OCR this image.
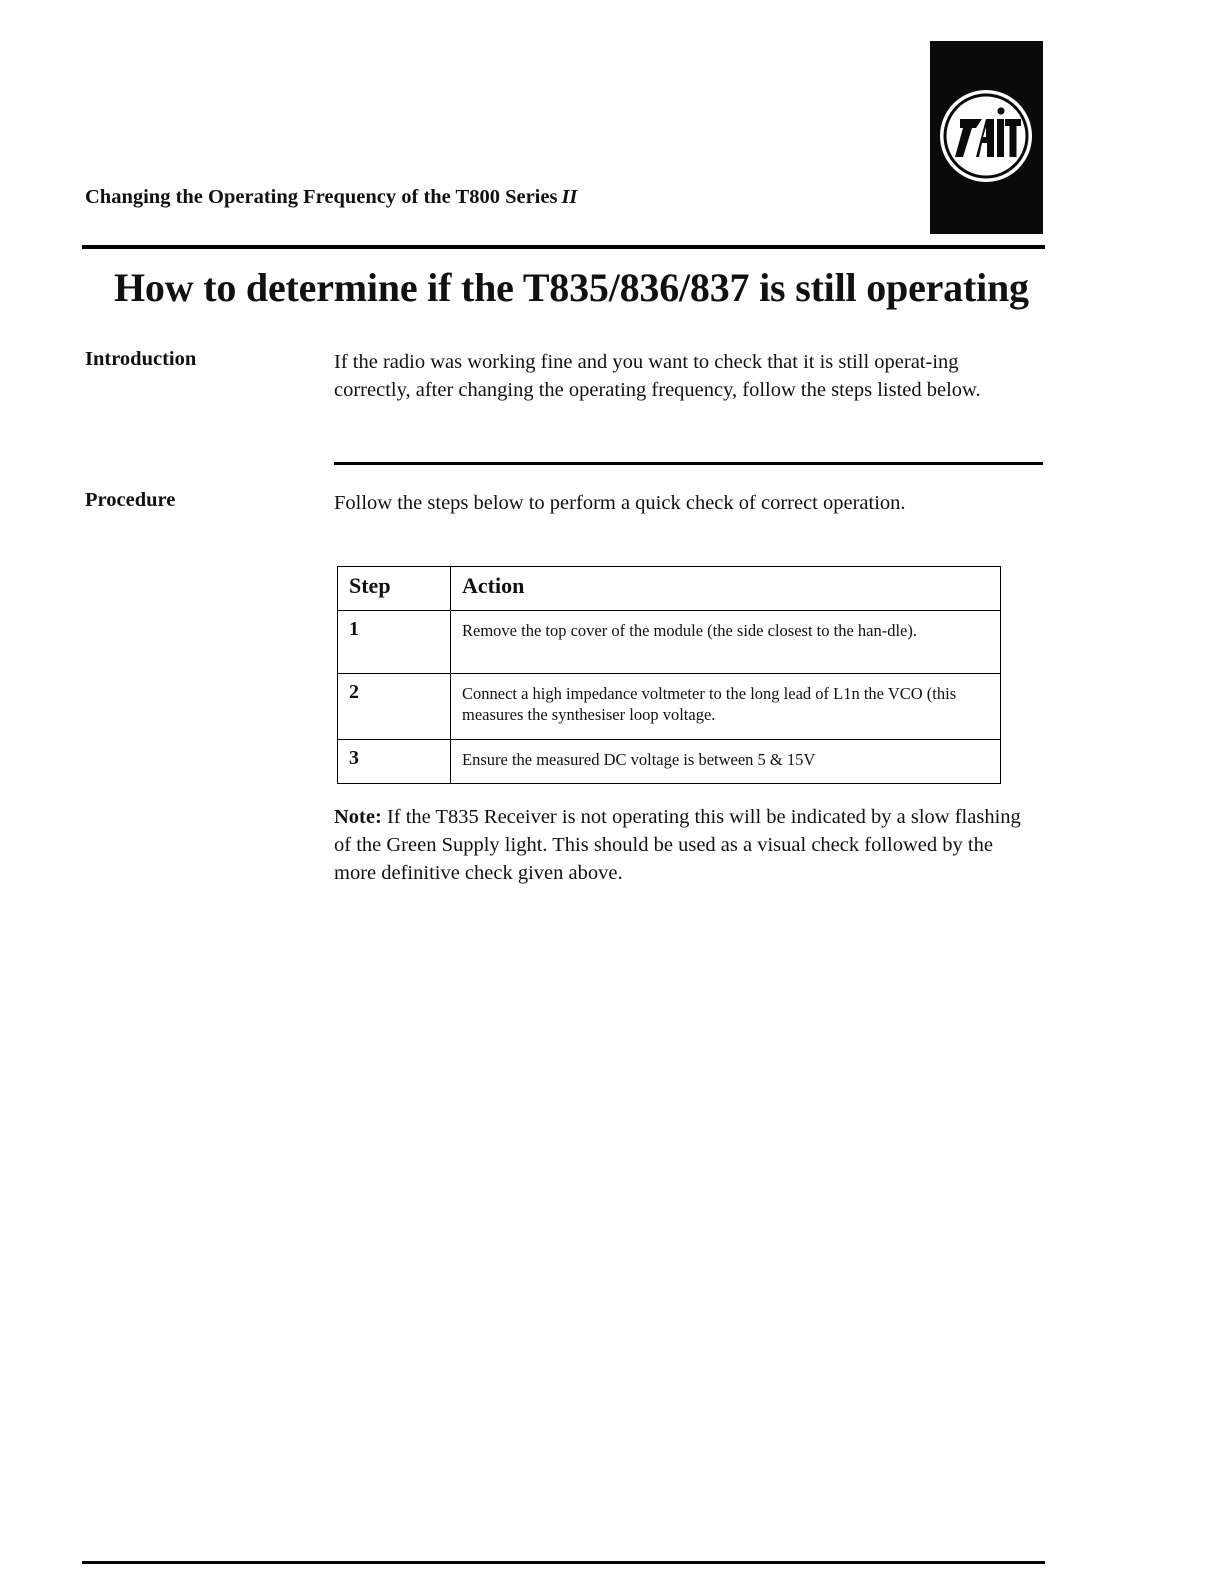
Changing the Operating Frequency of the T800 Series II
How to determine if the T835/836/837 is still operating
Introduction	If the radio was working fine and you want to check that it is still operat-ing correctly, after changing the operating frequency, follow the steps listed below.
Procedure	Follow the steps below to perform a quick check of correct operation.
Step	Action
1	Remove the top cover of the module (the side closest to the han-dle).
2	Connect a high impedance voltmeter to the long lead of L1n the VCO (this measures the synthesiser loop voltage.
3	Ensure the measured DC voltage is between 5 & 15V
Note: If the T835 Receiver is not operating this will be indicated by a slow flashing of the Green Supply light. This should be used as a visual check followed by the more definitive check given above.
